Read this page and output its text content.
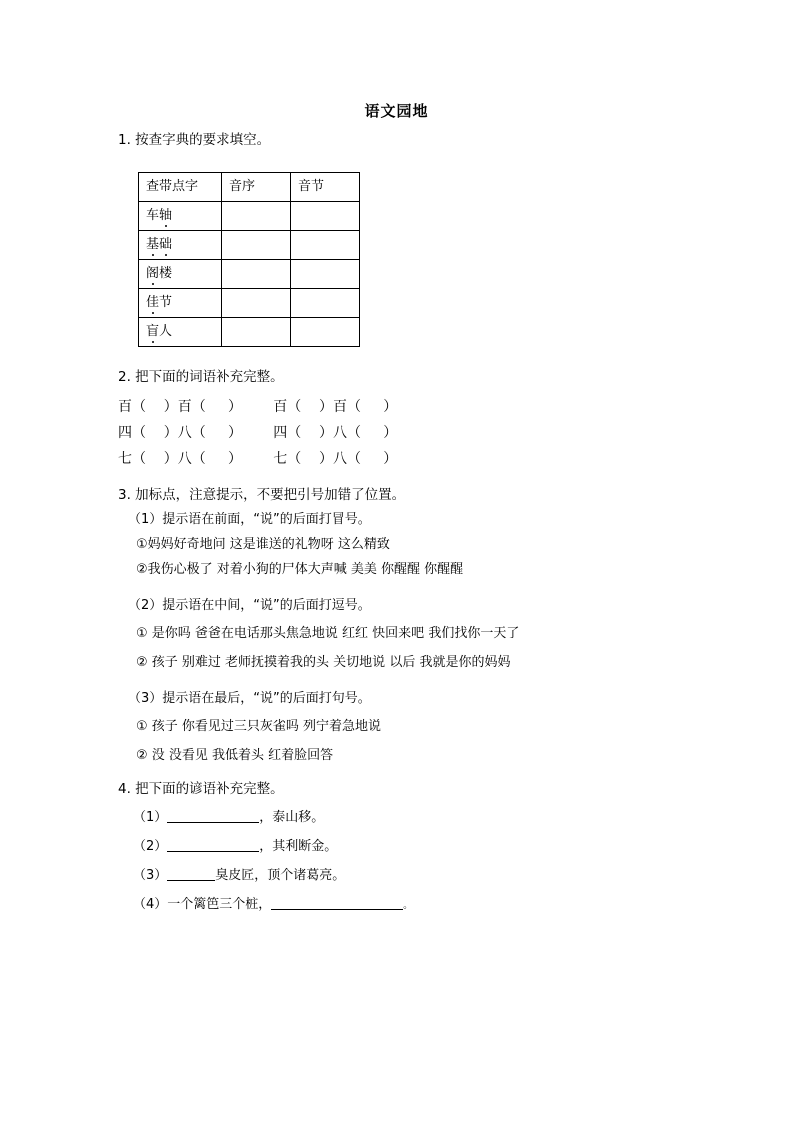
语文园地
1. 按查字典的要求填空。
查带点字	音序	音节
车轴		
基础		
阁楼		
佳节		
盲人		
2. 把下面的词语补充完整。
百（    ）百（     ）       百（    ）百（     ）
四（    ）八（     ）       四（    ）八（     ）
七（    ）八（     ）       七（    ）八（     ）
3. 加标点，注意提示，不要把引号加错了位置。
（1）提示语在前面，“说”的后面打冒号。
①妈妈好奇地问 这是谁送的礼物呀 这么精致
②我伤心极了 对着小狗的尸体大声喊 美美 你醒醒 你醒醒
（2）提示语在中间，“说”的后面打逗号。
① 是你吗 爸爸在电话那头焦急地说 红红 快回来吧 我们找你一天了
② 孩子 别难过 老师抚摸着我的头 关切地说 以后 我就是你的妈妈
（3）提示语在最后，“说”的后面打句号。
① 孩子 你看见过三只灰雀吗 列宁着急地说
② 没 没看见 我低着头 红着脸回答
4. 把下面的谚语补充完整。
（1）	，泰山移。
（2）	，其利断金。
（3）	臭皮匠，顶个诸葛亮。
（4）一个篱笆三个桩，	。
